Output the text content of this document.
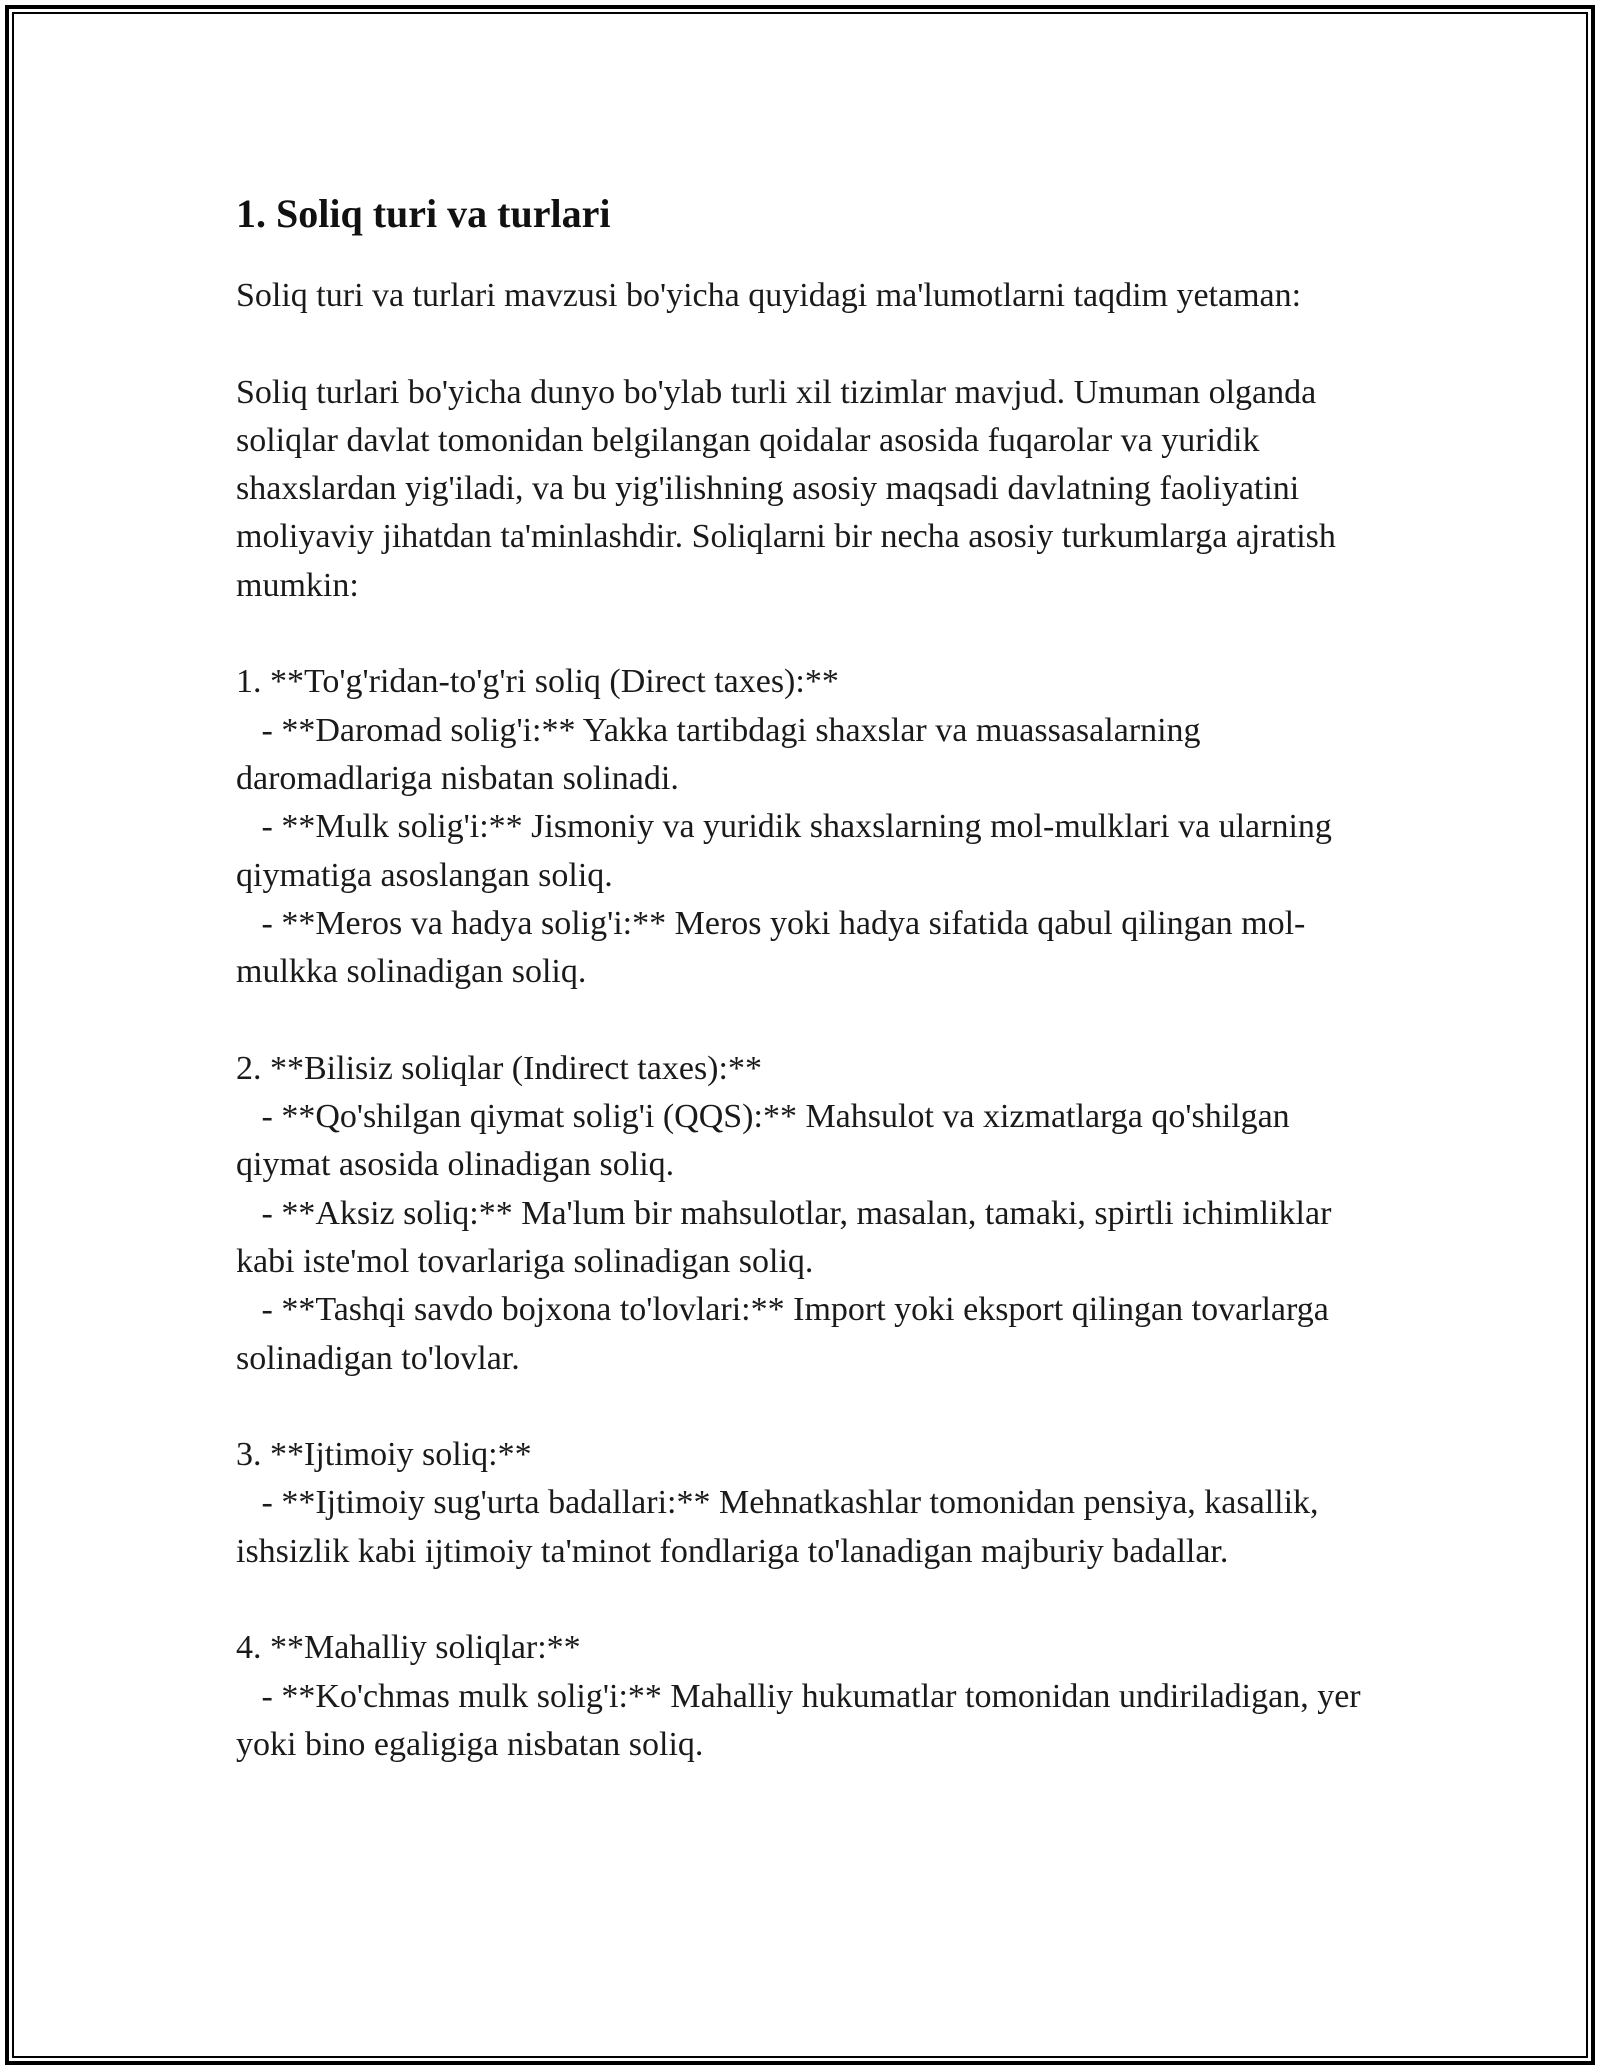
1. Soliq turi va turlari

Soliq turi va turlari mavzusi bo'yicha quyidagi ma'lumotlarni taqdim yetaman:

Soliq turlari bo'yicha dunyo bo'ylab turli xil tizimlar mavjud. Umuman olganda soliqlar davlat tomonidan belgilangan qoidalar asosida fuqarolar va yuridik shaxslardan yig'iladi, va bu yig'ilishning asosiy maqsadi davlatning faoliyatini moliyaviy jihatdan ta'minlashdir. Soliqlarni bir necha asosiy turkumlarga ajratish mumkin:

1. **To'g'ridan-to'g'ri soliq (Direct taxes):**

- **Daromad solig'i:** Yakka tartibdagi shaxslar va muassasalarning daromadlariga nisbatan solinadi.

- **Mulk solig'i:** Jismoniy va yuridik shaxslarning mol-mulklari va ularning qiymatiga asoslangan soliq.

- **Meros va hadya solig'i:** Meros yoki hadya sifatida qabul qilingan mol-mulkka solinadigan soliq.

2. **Bilisiz soliqlar (Indirect taxes):**

- **Qo'shilgan qiymat solig'i (QQS):** Mahsulot va xizmatlarga qo'shilgan qiymat asosida olinadigan soliq.

- **Aksiz soliq:** Ma'lum bir mahsulotlar, masalan, tamaki, spirtli ichimliklar kabi iste'mol tovarlariga solinadigan soliq.

- **Tashqi savdo bojxona to'lovlari:** Import yoki eksport qilingan tovarlarga solinadigan to'lovlar.

3. **Ijtimoiy soliq:**

- **Ijtimoiy sug'urta badallari:** Mehnatkashlar tomonidan pensiya, kasallik, ishsizlik kabi ijtimoiy ta'minot fondlariga to'lanadigan majburiy badallar.

4. **Mahalliy soliqlar:**

- **Ko'chmas mulk solig'i:** Mahalliy hukumatlar tomonidan undiriladigan, yer yoki bino egaligiga nisbatan soliq.
